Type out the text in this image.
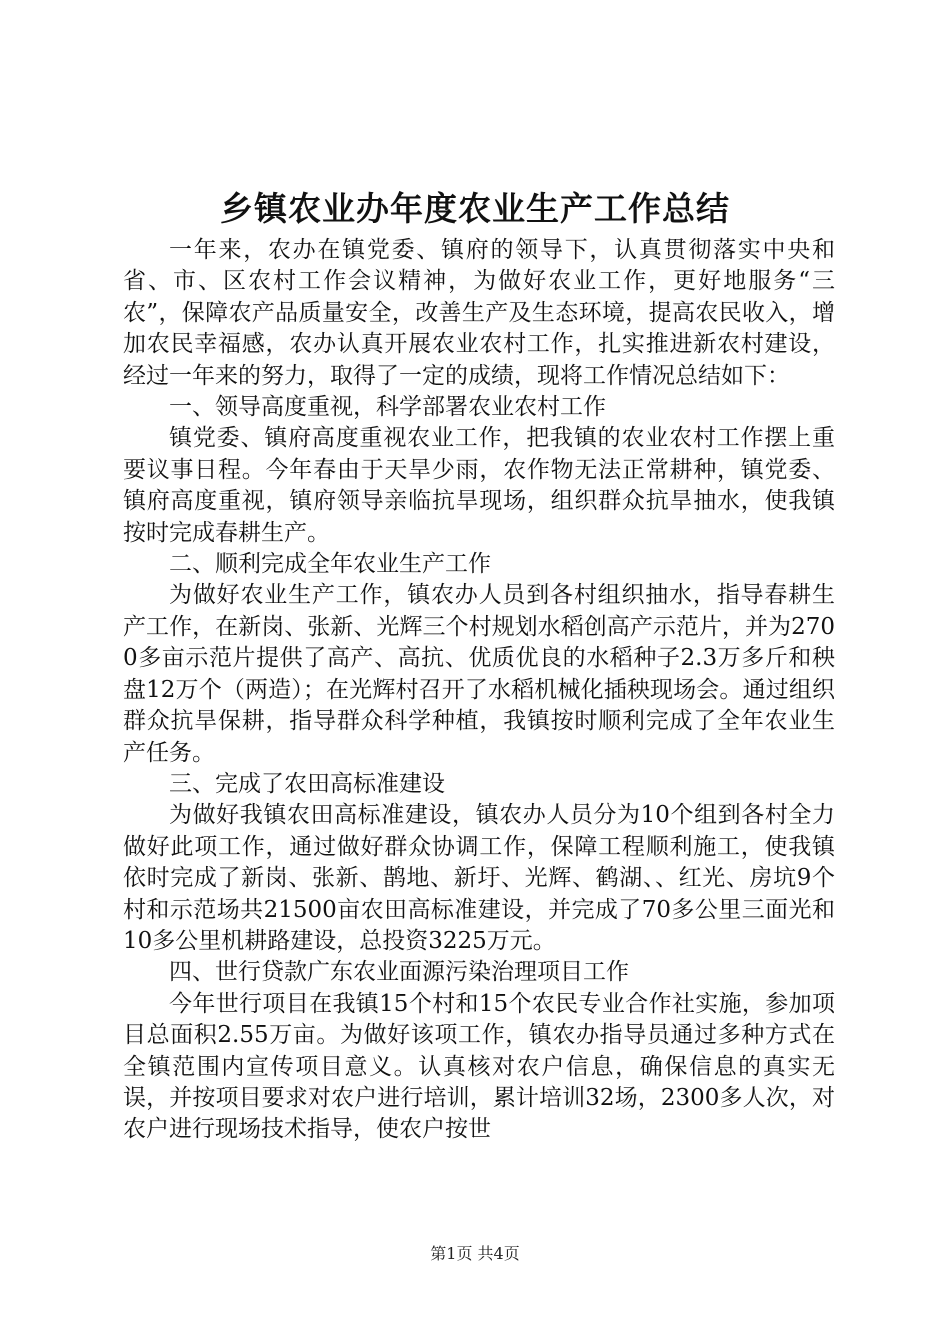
乡镇农业办年度农业生产工作总结

一年来，农办在镇党委、镇府的领导下，认真贯彻落实中央和省、市、区农村工作会议精神，为做好农业工作，更好地服务“三农”，保障农产品质量安全，改善生产及生态环境，提高农民收入，增加农民幸福感，农办认真开展农业农村工作，扎实推进新农村建设，经过一年来的努力，取得了一定的成绩，现将工作情况总结如下：

一、领导高度重视，科学部署农业农村工作

镇党委、镇府高度重视农业工作，把我镇的农业农村工作摆上重要议事日程。今年春由于天旱少雨，农作物无法正常耕种，镇党委、镇府高度重视，镇府领导亲临抗旱现场，组织群众抗旱抽水，使我镇按时完成春耕生产。

二、顺利完成全年农业生产工作

为做好农业生产工作，镇农办人员到各村组织抽水，指导春耕生产工作，在新岗、张新、光辉三个村规划水稻创高产示范片，并为2700多亩示范片提供了高产、高抗、优质优良的水稻种子2.3万多斤和秧盘12万个（两造）；在光辉村召开了水稻机械化插秧现场会。通过组织群众抗旱保耕，指导群众科学种植，我镇按时顺利完成了全年农业生产任务。

三、完成了农田高标准建设

为做好我镇农田高标准建设，镇农办人员分为10个组到各村全力做好此项工作，通过做好群众协调工作，保障工程顺利施工，使我镇依时完成了新岗、张新、鹊地、新圩、光辉、鹤湖、、红光、房坑9个村和示范场共21500亩农田高标准建设，并完成了70多公里三面光和10多公里机耕路建设，总投资3225万元。

四、世行贷款广东农业面源污染治理项目工作

今年世行项目在我镇15个村和15个农民专业合作社实施，参加项目总面积2.55万亩。为做好该项工作，镇农办指导员通过多种方式在全镇范围内宣传项目意义。认真核对农户信息，确保信息的真实无误，并按项目要求对农户进行培训，累计培训32场，2300多人次，对农户进行现场技术指导，使农户按世

第1页 共4页
